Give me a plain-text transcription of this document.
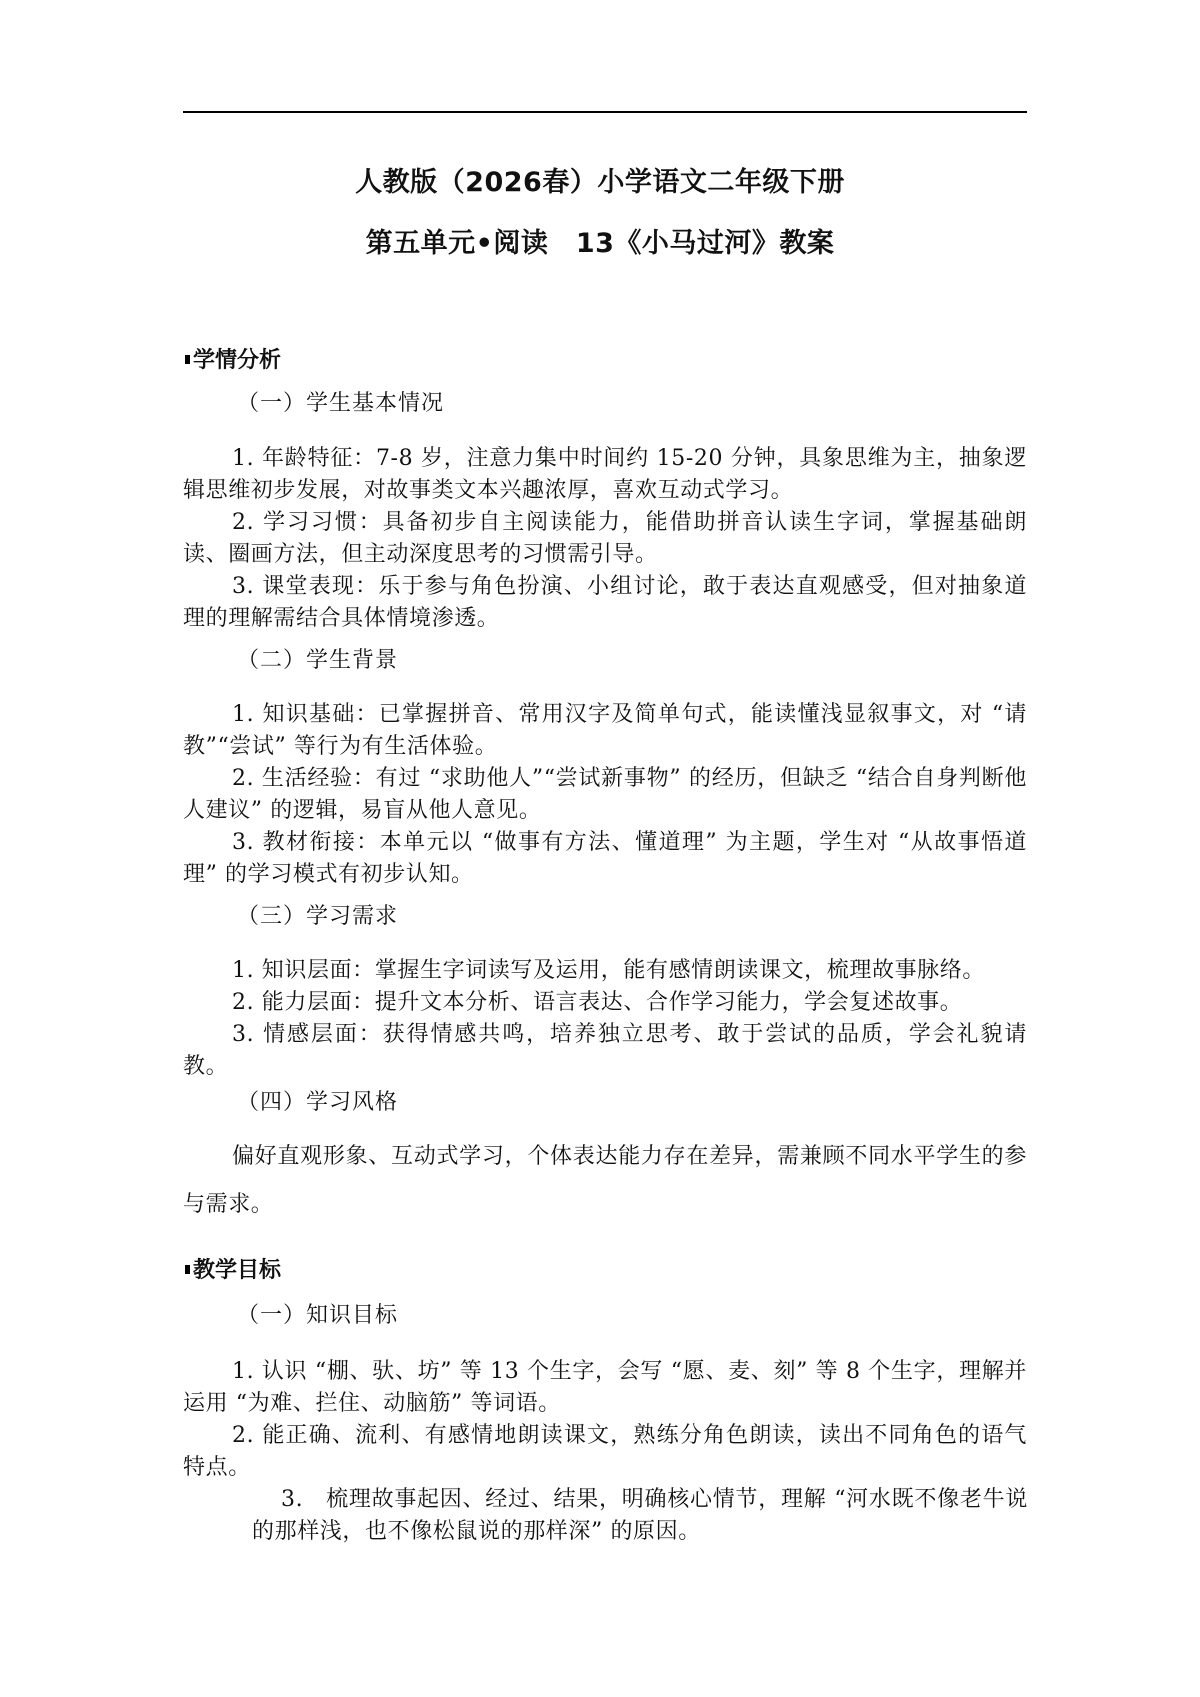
人教版（2026春）小学语文二年级下册
第五单元•阅读　13《小马过河》教案
学情分析
（一）学生基本情况

1. 年龄特征：7-8 岁，注意力集中时间约 15-20 分钟，具象思维为主，抽象逻辑思维初步发展，对故事类文本兴趣浓厚，喜欢互动式学习。

2. 学习习惯：具备初步自主阅读能力，能借助拼音认读生字词，掌握基础朗读、圈画方法，但主动深度思考的习惯需引导。

3. 课堂表现：乐于参与角色扮演、小组讨论，敢于表达直观感受，但对抽象道理的理解需结合具体情境渗透。

（二）学生背景

1. 知识基础：已掌握拼音、常用汉字及简单句式，能读懂浅显叙事文，对 “请教”“尝试” 等行为有生活体验。

2. 生活经验：有过 “求助他人”“尝试新事物” 的经历，但缺乏 “结合自身判断他人建议” 的逻辑，易盲从他人意见。

3. 教材衔接：本单元以 “做事有方法、懂道理” 为主题，学生对 “从故事悟道理” 的学习模式有初步认知。

（三）学习需求

1. 知识层面：掌握生字词读写及运用，能有感情朗读课文，梳理故事脉络。

2. 能力层面：提升文本分析、语言表达、合作学习能力，学会复述故事。

3. 情感层面：获得情感共鸣，培养独立思考、敢于尝试的品质，学会礼貌请教。

（四）学习风格

偏好直观形象、互动式学习，个体表达能力存在差异，需兼顾不同水平学生的参与需求。

教学目标
（一）知识目标

1. 认识 “棚、驮、坊” 等 13 个生字，会写 “愿、麦、刻” 等 8 个生字，理解并运用 “为难、拦住、动脑筋” 等词语。

2. 能正确、流利、有感情地朗读课文，熟练分角色朗读，读出不同角色的语气特点。

3.　梳理故事起因、经过、结果，明确核心情节，理解 “河水既不像老牛说的那样浅，也不像松鼠说的那样深” 的原因。
